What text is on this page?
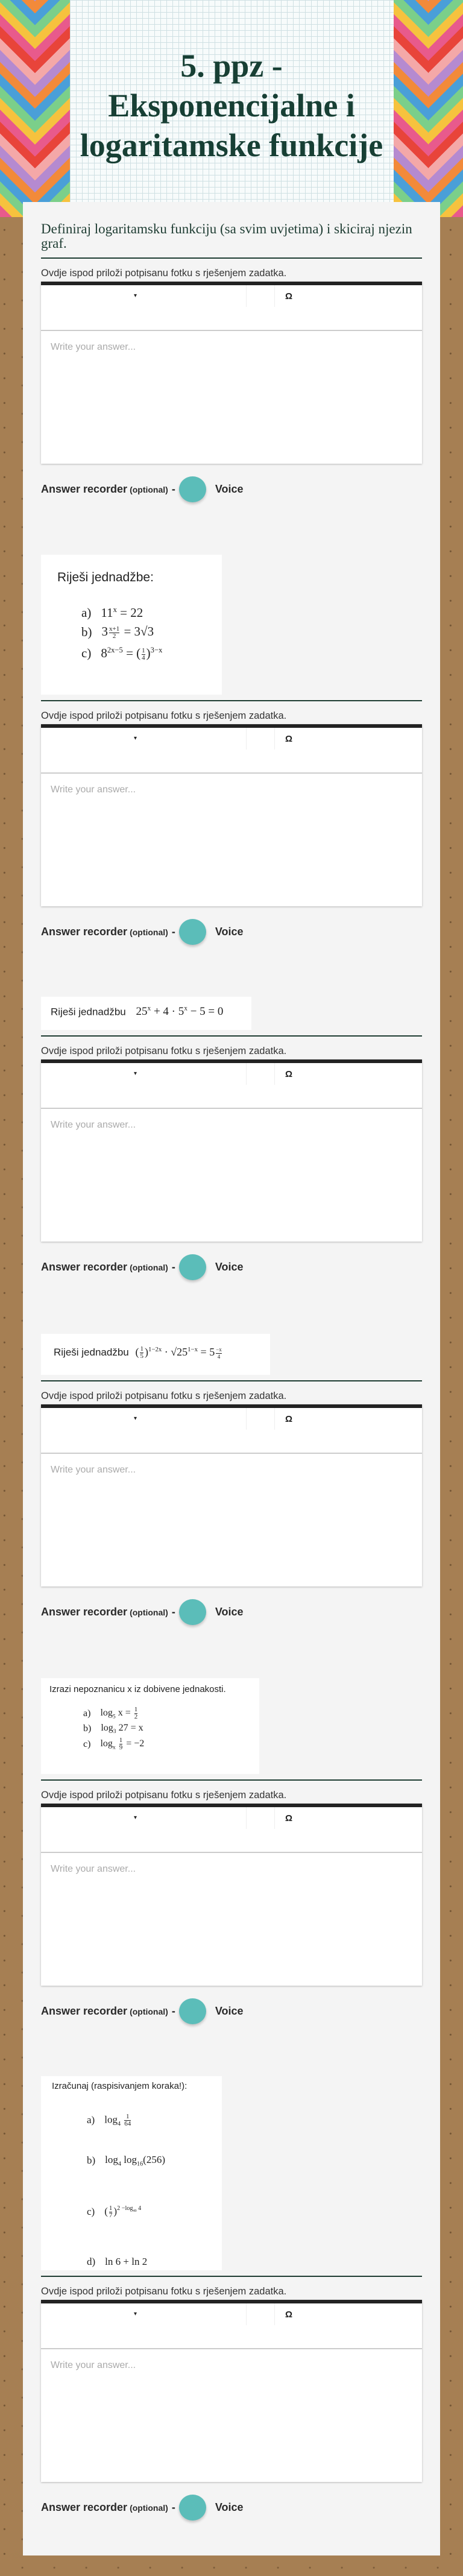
5. ppz -
Eksponencijalne i
logaritamske funkcije
Definiraj logaritamsku funkciju (sa svim uvjetima) i skiciraj njezin graf.
Ovdje ispod priloži potpisanu fotku s rješenjem zadatka.
▾	Ω
Write your answer...
Answer recorder (optional) -	Voice
Riješi jednadžbe:
a) $11^x = 22$
b) $3 \frac{x+1}{2} = 3√3$
c) $8^{2x-5}$ = ( $\frac{1}{4} )^{3-x}$
Ovdje ispod priloži potpisanu fotku s rješenjem zadatka.
▾	Ω
Write your answer...
Answer recorder (optional) -	Voice
Riješi jednadžbu $25^x + 4 \cdot 5^x - 5 = 0$
Ovdje ispod priloži potpisanu fotku s rješenjem zadatka.
▾	Ω
Write your answer...
Answer recorder (optional) -	Voice
Riješi jednadžbu ( $\frac{1}{5} )^{1-2x} \cdot √25^{1-x} = 5 \frac{-x}{4}$
Ovdje ispod priloži potpisanu fotku s rješenjem zadatka.
▾	Ω
Write your answer...
Answer recorder (optional) -	Voice
Izrazi nepoznanicu x iz dobivene jednakosti.
a) $\log_5 x = \frac{1}{2}$
b) $\log_3 27 = x$
c) $\log_x \frac{1}{9} = -2$
Ovdje ispod priloži potpisanu fotku s rješenjem zadatka.
▾	Ω
Write your answer...
Answer recorder (optional) -	Voice
Izračunaj (raspisivanjem koraka!):
a) $\log_4 \frac{1}{64}$
b) $\log_4 \log_{16}(256)$
c) ( $\frac{1}{7} )^{2 -log_{49} 4}$
d) ln 6 + ln 2
Ovdje ispod priloži potpisanu fotku s rješenjem zadatka.
▾	Ω
Write your answer...
Answer recorder (optional) -	Voice
